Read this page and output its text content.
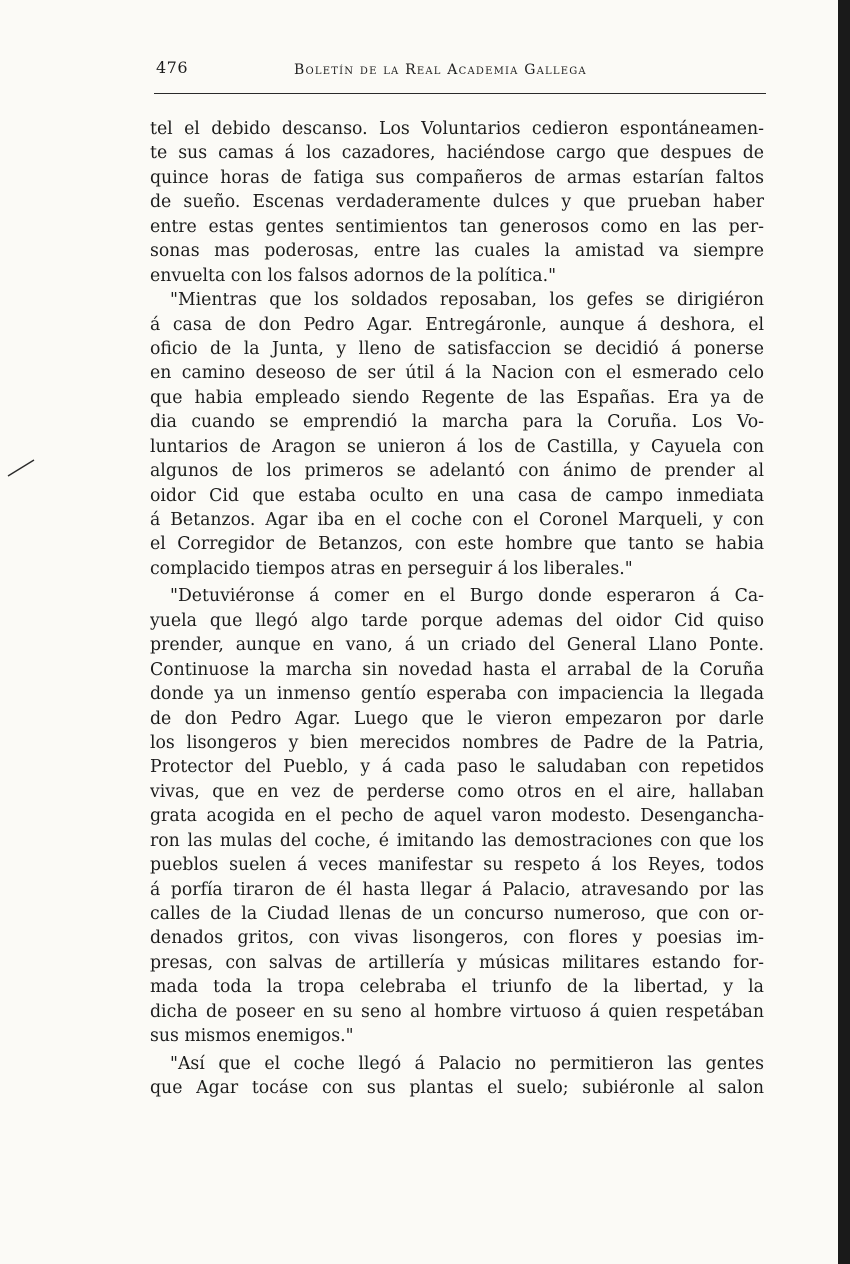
476	Boletín de la Real Academia Gallega
tel el debido descanso. Los Voluntarios cedieron espontáneamen-
te sus camas á los cazadores, haciéndose cargo que despues de
quince horas de fatiga sus compañeros de armas estarían faltos
de sueño. Escenas verdaderamente dulces y que prueban haber
entre estas gentes sentimientos tan generosos como en las per-
sonas mas poderosas, entre las cuales la amistad va siempre
envuelta con los falsos adornos de la política."
"Mientras que los soldados reposaban, los gefes se dirigiéron
á casa de don Pedro Agar. Entregáronle, aunque á deshora, el
oficio de la Junta, y lleno de satisfaccion se decidió á ponerse
en camino deseoso de ser útil á la Nacion con el esmerado celo
que habia empleado siendo Regente de las Españas. Era ya de
dia cuando se emprendió la marcha para la Coruña. Los Vo-
luntarios de Aragon se unieron á los de Castilla, y Cayuela con
algunos de los primeros se adelantó con ánimo de prender al
oidor Cid que estaba oculto en una casa de campo inmediata
á Betanzos. Agar iba en el coche con el Coronel Marqueli, y con
el Corregidor de Betanzos, con este hombre que tanto se habia
complacido tiempos atras en perseguir á los liberales."
"Detuviéronse á comer en el Burgo donde esperaron á Ca-
yuela que llegó algo tarde porque ademas del oidor Cid quiso
prender, aunque en vano, á un criado del General Llano Ponte.
Continuose la marcha sin novedad hasta el arrabal de la Coruña
donde ya un inmenso gentío esperaba con impaciencia la llegada
de don Pedro Agar. Luego que le vieron empezaron por darle
los lisongeros y bien merecidos nombres de Padre de la Patria,
Protector del Pueblo, y á cada paso le saludaban con repetidos
vivas, que en vez de perderse como otros en el aire, hallaban
grata acogida en el pecho de aquel varon modesto. Desengancha-
ron las mulas del coche, é imitando las demostraciones con que los
pueblos suelen á veces manifestar su respeto á los Reyes, todos
á porfía tiraron de él hasta llegar á Palacio, atravesando por las
calles de la Ciudad llenas de un concurso numeroso, que con or-
denados gritos, con vivas lisongeros, con flores y poesias im-
presas, con salvas de artillería y músicas militares estando for-
mada toda la tropa celebraba el triunfo de la libertad, y la
dicha de poseer en su seno al hombre virtuoso á quien respetában
sus mismos enemigos."
"Así que el coche llegó á Palacio no permitieron las gentes
que Agar tocáse con sus plantas el suelo; subiéronle al salon
